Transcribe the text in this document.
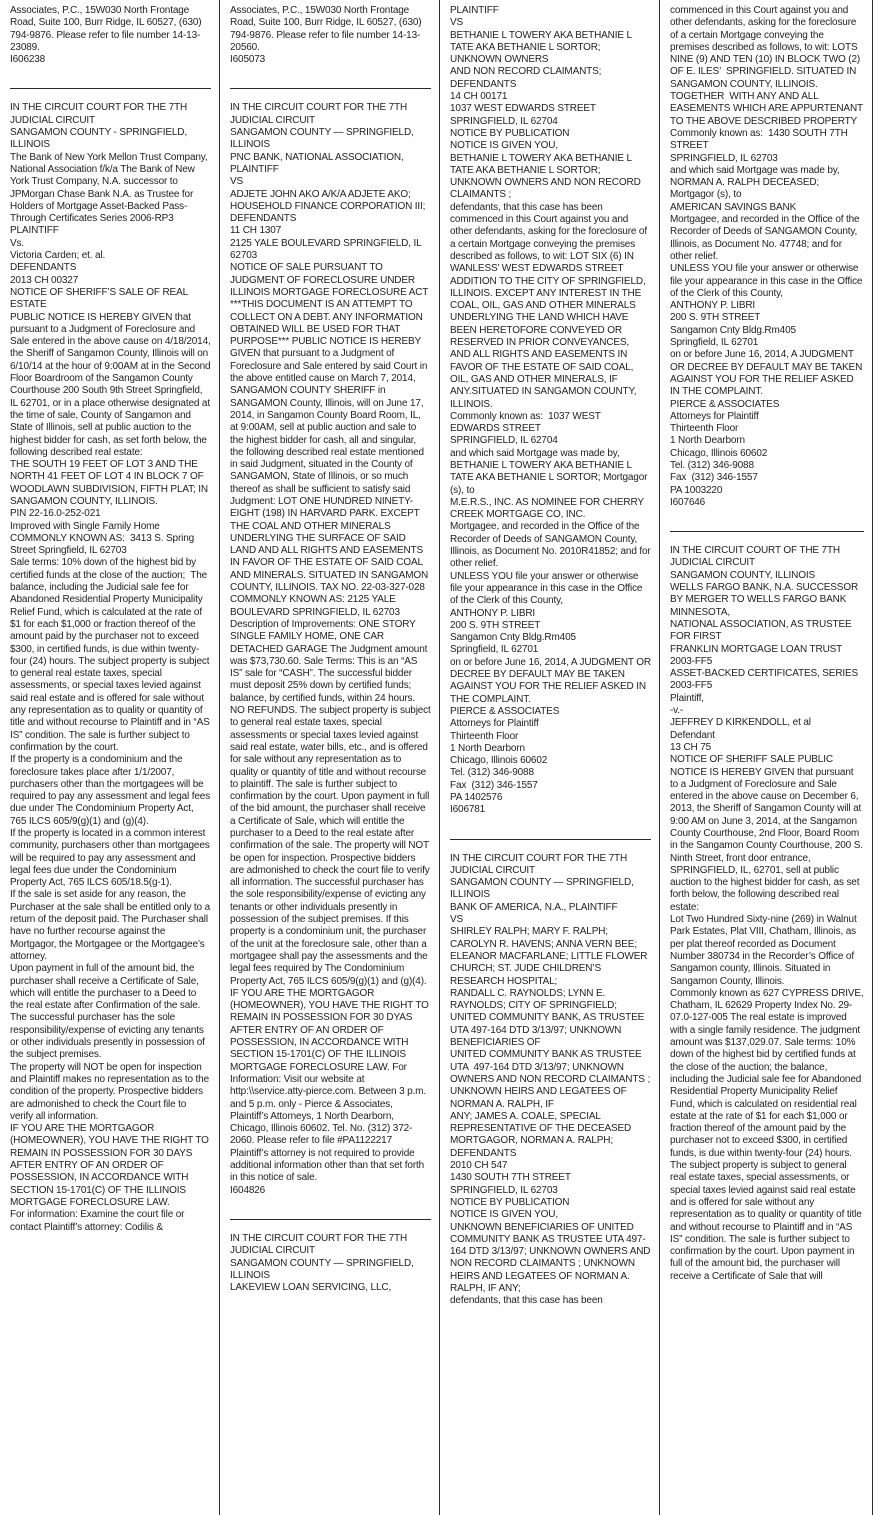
Associates, P.C., 15W030 North Frontage Road, Suite 100, Burr Ridge, IL 60527, (630) 794-9876. Please refer to file number 14-13-23089.

I606238

IN THE CIRCUIT COURT FOR THE 7TH JUDICIAL CIRCUIT

SANGAMON COUNTY - SPRINGFIELD, ILLINOIS

The Bank of New York Mellon Trust Company, National Association f/k/a The Bank of New York Trust Company, N.A. successor to JPMorgan Chase Bank N.A. as Trustee for Holders of Mortgage Asset-Backed Pass-Through Certificates Series 2006-RP3

PLAINTIFF

Vs.

Victoria Carden; et. al.

DEFENDANTS

2013 CH 00327

NOTICE OF SHERIFF’S SALE OF REAL ESTATE

PUBLIC NOTICE IS HEREBY GIVEN that pursuant to a Judgment of Foreclosure and Sale entered in the above cause on 4/18/2014, the Sheriff of Sangamon County, Illinois will on 6/10/14 at the hour of 9:00AM at in the Second Floor Boardroom of the Sangamon County Courthouse 200 South 9th Street Springfield, IL 62701, or in a place otherwise designated at the time of sale, County of Sangamon and State of Illinois, sell at public auction to the highest bidder for cash, as set forth below, the following described real estate:

THE SOUTH 19 FEET OF LOT 3 AND THE NORTH 41 FEET OF LOT 4 IN BLOCK 7 OF WOODLAWN SUBDIVISION, FIFTH PLAT; IN SANGAMON COUNTY, ILLINOIS.

PIN 22-16.0-252-021

Improved with Single Family Home

COMMONLY KNOWN AS:  3413 S. Spring Street Springfield, IL 62703

Sale terms: 10% down of the highest bid by certified funds at the close of the auction;  The balance, including the Judicial sale fee for Abandoned Residential Property Municipality Relief Fund, which is calculated at the rate of $1 for each $1,000 or fraction thereof of the amount paid by the purchaser not to exceed $300, in certified funds, is due within twenty-four (24) hours. The subject property is subject to general real estate taxes, special assessments, or special taxes levied against said real estate and is offered for sale without any representation as to quality or quantity of title and without recourse to Plaintiff and in “AS IS” condition. The sale is further subject to confirmation by the court.

If the property is a condominium and the foreclosure takes place after 1/1/2007, purchasers other than the mortgagees will be required to pay any assessment and legal fees due under The Condominium Property Act, 765 ILCS 605/9(g)(1) and (g)(4).

If the property is located in a common interest community, purchasers other than mortgagees will be required to pay any assessment and legal fees due under the Condominium Property Act, 765 ILCS 605/18.5(g-1).

If the sale is set aside for any reason, the Purchaser at the sale shall be entitled only to a return of the deposit paid. The Purchaser shall have no further recourse against the Mortgagor, the Mortgagee or the Mortgagee’s attorney.

Upon payment in full of the amount bid, the purchaser shall receive a Certificate of Sale, which will entitle the purchaser to a Deed to the real estate after Confirmation of the sale.  The successful purchaser has the sole responsibility/expense of evicting any tenants or other individuals presently in possession of the subject premises.

The property will NOT be open for inspection and Plaintiff makes no representation as to the condition of the property. Prospective bidders are admonished to check the Court file to verify all information.

IF YOU ARE THE MORTGAGOR (HOMEOWNER), YOU HAVE THE RIGHT TO REMAIN IN POSSESSION FOR 30 DAYS AFTER ENTRY OF AN ORDER OF POSSESSION, IN ACCORDANCE WITH SECTION 15-1701(C) OF THE ILLINOIS MORTGAGE FORECLOSURE LAW.

For information: Examine the court file or contact Plaintiff’s attorney: Codilis &

Associates, P.C., 15W030 North Frontage Road, Suite 100, Burr Ridge, IL 60527, (630) 794-9876. Please refer to file number 14-13-20560.

I605073

IN THE CIRCUIT COURT FOR THE 7TH JUDICIAL CIRCUIT

SANGAMON COUNTY — SPRINGFIELD, ILLINOIS

PNC BANK, NATIONAL ASSOCIATION,

PLAINTIFF

VS

ADJETE JOHN AKO A/K/A ADJETE AKO; HOUSEHOLD FINANCE CORPORATION III;

DEFENDANTS

11 CH 1307

2125 YALE BOULEVARD SPRINGFIELD, IL 62703

NOTICE OF SALE PURSUANT TO JUDGMENT OF FORECLOSURE UNDER ILLINOIS MORTGAGE FORECLOSURE ACT ***THIS DOCUMENT IS AN ATTEMPT TO COLLECT ON A DEBT. ANY INFORMATION OBTAINED WILL BE USED FOR THAT PURPOSE*** PUBLIC NOTICE IS HEREBY GIVEN that pursuant to a Judgment of Foreclosure and Sale entered by said Court in the above entitled cause on March 7, 2014, SANGAMON COUNTY SHERIFF in SANGAMON County, Illinois, will on June 17, 2014, in Sangamon County Board Room, IL, at 9:00AM, sell at public auction and sale to the highest bidder for cash, all and singular, the following described real estate mentioned in said Judgment, situated in the County of SANGAMON, State of Illinois, or so much thereof as shall be sufficient to satisfy said Judgment: LOT ONE HUNDRED NINETY-EIGHT (198) IN HARVARD PARK. EXCEPT THE COAL AND OTHER MINERALS UNDERLYING THE SURFACE OF SAID LAND AND ALL RIGHTS AND EASEMENTS IN FAVOR OF THE ESTATE OF SAID COAL AND MINERALS. SITUATED IN SANGAMON COUNTY, ILLINOIS. TAX NO. 22-03-327-028 COMMONLY KNOWN AS: 2125 YALE BOULEVARD SPRINGFIELD, IL 62703 Description of Improvements: ONE STORY SINGLE FAMILY HOME, ONE CAR DETACHED GARAGE The Judgment amount was $73,730.60. Sale Terms: This is an “AS IS” sale for “CASH”. The successful bidder must deposit 25% down by certified funds; balance, by certified funds, within 24 hours. NO REFUNDS. The subject property is subject to general real estate taxes, special assessments or special taxes levied against said real estate, water bills, etc., and is offered for sale without any representation as to quality or quantity of title and without recourse to plaintiff. The sale is further subject to confirmation by the court. Upon payment in full of the bid amount, the purchaser shall receive a Certificate of Sale, which will entitle the purchaser to a Deed to the real estate after confirmation of the sale. The property will NOT be open for inspection. Prospective bidders are admonished to check the court file to verify all information. The successful purchaser has the sole responsibility/expense of evicting any tenants or other individuals presently in possession of the subject premises. If this property is a condominium unit, the purchaser of the unit at the foreclosure sale, other than a mortgagee shall pay the assessments and the legal fees required by The Condominium Property Act, 765 ILCS 605/9(g)(1) and (g)(4). IF YOU ARE THE MORTGAGOR (HOMEOWNER), YOU HAVE THE RIGHT TO REMAIN IN POSSESSION FOR 30 DYAS AFTER ENTRY OF AN ORDER OF POSSESSION, IN ACCORDANCE WITH SECTION 15-1701(C) OF THE ILLINOIS MORTGAGE FORECLOSURE LAW. For Information: Visit our website at http:\\service.atty-pierce.com. Between 3 p.m. and 5 p.m. only - Pierce & Associates, Plaintiff’s Attorneys, 1 North Dearborn, Chicago, Illinois 60602. Tel. No. (312) 372-2060. Please refer to file #PA1122217 Plaintiff’s attorney is not required to provide additional information other than that set forth in this notice of sale.

I604826

IN THE CIRCUIT COURT FOR THE 7TH JUDICIAL CIRCUIT

SANGAMON COUNTY — SPRINGFIELD, ILLINOIS

LAKEVIEW LOAN SERVICING, LLC,

PLAINTIFF

VS

BETHANIE L TOWERY AKA BETHANIE L TATE AKA BETHANIE L SORTOR; UNKNOWN OWNERS

AND NON RECORD CLAIMANTS;

DEFENDANTS

14 CH 00171

1037 WEST EDWARDS STREET

SPRINGFIELD, IL 62704

NOTICE BY PUBLICATION

NOTICE IS GIVEN YOU,

BETHANIE L TOWERY AKA BETHANIE L TATE AKA BETHANIE L SORTOR; UNKNOWN OWNERS AND NON RECORD CLAIMANTS ;

defendants, that this case has been commenced in this Court against you and other defendants, asking for the foreclosure of a certain Mortgage conveying the premises described as follows, to wit: LOT SIX (6) IN WANLESS’ WEST EDWARDS STREET ADDITION TO THE CITY OF SPRINGFIELD, ILLINOIS. EXCEPT ANY INTEREST IN THE COAL, OIL, GAS AND OTHER MINERALS UNDERLYING THE LAND WHICH HAVE BEEN HERETOFORE CONVEYED OR RESERVED IN PRIOR CONVEYANCES, AND ALL RIGHTS AND EASEMENTS IN FAVOR OF THE ESTATE OF SAID COAL, OIL, GAS AND OTHER MINERALS, IF ANY.SITUATED IN SANGAMON COUNTY, ILLINOIS.

Commonly known as:  1037 WEST EDWARDS STREET

SPRINGFIELD, IL 62704

and which said Mortgage was made by,

BETHANIE L TOWERY AKA BETHANIE L TATE AKA BETHANIE L SORTOR; Mortgagor (s), to

M.E.R.S., INC. AS NOMINEE FOR CHERRY CREEK MORTGAGE CO, INC.

Mortgagee, and recorded in the Office of the Recorder of Deeds of SANGAMON County, Illinois, as Document No. 2010R41852; and for other relief.

UNLESS YOU file your answer or otherwise file your appearance in this case in the Office of the Clerk of this County,

ANTHONY P. LIBRI

200 S. 9TH STREET

Sangamon Cnty Bldg.Rm405

Springfield, IL 62701

on or before June 16, 2014, A JUDGMENT OR DECREE BY DEFAULT MAY BE TAKEN AGAINST YOU FOR THE RELIEF ASKED IN THE COMPLAINT.

PIERCE & ASSOCIATES

Attorneys for Plaintiff

Thirteenth Floor

1 North Dearborn

Chicago, Illinois 60602

Tel. (312) 346-9088

Fax  (312) 346-1557

PA 1402576

I606781

IN THE CIRCUIT COURT FOR THE 7TH JUDICIAL CIRCUIT

SANGAMON COUNTY — SPRINGFIELD, ILLINOIS

BANK OF AMERICA, N.A., PLAINTIFF

VS

SHIRLEY RALPH; MARY F. RALPH; CAROLYN R. HAVENS; ANNA VERN BEE; ELEANOR MACFARLANE; LITTLE FLOWER CHURCH; ST. JUDE CHILDREN’S RESEARCH HOSPITAL;

RANDALL C. RAYNOLDS; LYNN E. RAYNOLDS; CITY OF SPRINGFIELD;

UNITED COMMUNITY BANK, AS TRUSTEE UTA 497-164 DTD 3/13/97; UNKNOWN BENEFICIARIES OF

UNITED COMMUNITY BANK AS TRUSTEE UTA  497-164 DTD 3/13/97; UNKNOWN OWNERS AND NON RECORD CLAIMANTS ; UNKNOWN HEIRS AND LEGATEES OF NORMAN A. RALPH, IF

ANY; JAMES A. COALE, SPECIAL  REPRESENTATIVE OF THE DECEASED MORTGAGOR, NORMAN A. RALPH; DEFENDANTS

2010 CH 547

1430 SOUTH 7TH STREET

SPRINGFIELD, IL 62703

NOTICE BY PUBLICATION

NOTICE IS GIVEN YOU,

UNKNOWN BENEFICIARIES OF UNITED COMMUNITY BANK AS TRUSTEE UTA 497-164 DTD 3/13/97; UNKNOWN OWNERS AND NON RECORD CLAIMANTS ; UNKNOWN HEIRS AND LEGATEES OF NORMAN A. RALPH, IF ANY;

defendants, that this case has been

commenced in this Court against you and other defendants, asking for the foreclosure of a certain Mortgage conveying the premises described as follows, to wit: LOTS NINE (9) AND TEN (10) IN BLOCK TWO (2) OF E. ILES’  SPRINGFIELD. SITUATED IN SANGAMON COUNTY, ILLINOIS. TOGETHER  WITH ANY AND ALL EASEMENTS WHICH ARE APPURTENANT TO THE ABOVE DESCRIBED PROPERTY

Commonly known as:  1430 SOUTH 7TH STREET

SPRINGFIELD, IL 62703

and which said Mortgage was made by, NORMAN A. RALPH DECEASED;

Mortgagor (s), to

AMERICAN SAVINGS BANK

Mortgagee, and recorded in the Office of the Recorder of Deeds of SANGAMON County, Illinois, as Document No. 47748; and for other relief.

UNLESS YOU file your answer or otherwise file your appearance in this case in the Office of the Clerk of this County,

ANTHONY P. LIBRI

200 S. 9TH STREET

Sangamon Cnty Bldg.Rm405

Springfield, IL 62701

on or before June 16, 2014, A JUDGMENT OR DECREE BY DEFAULT MAY BE TAKEN AGAINST YOU FOR THE RELIEF ASKED IN THE COMPLAINT.

PIERCE & ASSOCIATES

Attorneys for Plaintiff

Thirteenth Floor

1 North Dearborn

Chicago, Illinois 60602

Tel. (312) 346-9088

Fax  (312) 346-1557

PA 1003220

I607646

IN THE CIRCUIT COURT OF THE 7TH JUDICIAL CIRCUIT

SANGAMON COUNTY, ILLINOIS

WELLS FARGO BANK, N.A. SUCCESSOR BY MERGER TO WELLS FARGO BANK MINNESOTA,

NATIONAL ASSOCIATION, AS TRUSTEE FOR FIRST

FRANKLIN MORTGAGE LOAN TRUST 2003-FF5

ASSET-BACKED CERTIFICATES, SERIES 2003-FF5

Plaintiff,

-v.-

JEFFREY D KIRKENDOLL, et al

Defendant

13 CH 75

NOTICE OF SHERIFF SALE PUBLIC NOTICE IS HEREBY GIVEN that pursuant to a Judgment of Foreclosure and Sale entered in the above cause on December 6, 2013, the Sheriff of Sangamon County will at 9:00 AM on June 3, 2014, at the Sangamon County Courthouse, 2nd Floor, Board Room in the Sangamon County Courthouse, 200 S. Ninth Street, front door entrance, SPRINGFIELD, IL, 62701, sell at public auction to the highest bidder for cash, as set forth below, the following described real estate:

Lot Two Hundred Sixty-nine (269) in Walnut Park Estates, Plat VIII, Chatham, Illinois, as per plat thereof recorded as Document Number 380734 in the Recorder’s Office of Sangamon county, Illinois. Situated in Sangamon County, Illinois.

Commonly known as 627 CYPRESS DRIVE, Chatham, IL 62629 Property Index No. 29-07.0-127-005 The real estate is improved with a single family residence. The judgment amount was $137,029.07. Sale terms: 10% down of the highest bid by certified funds at the close of the auction; the balance, including the Judicial sale fee for Abandoned Residential Property Municipality Relief Fund, which is calculated on residential real estate at the rate of $1 for each $1,000 or fraction thereof of the amount paid by the purchaser not to exceed $300, in certified funds, is due within twenty-four (24) hours. The subject property is subject to general real estate taxes, special assessments, or special taxes levied against said real estate and is offered for sale without any representation as to quality or quantity of title and without recourse to Plaintiff and in “AS IS” condition. The sale is further subject to confirmation by the court. Upon payment in full of the amount bid, the purchaser will receive a Certificate of Sale that will
